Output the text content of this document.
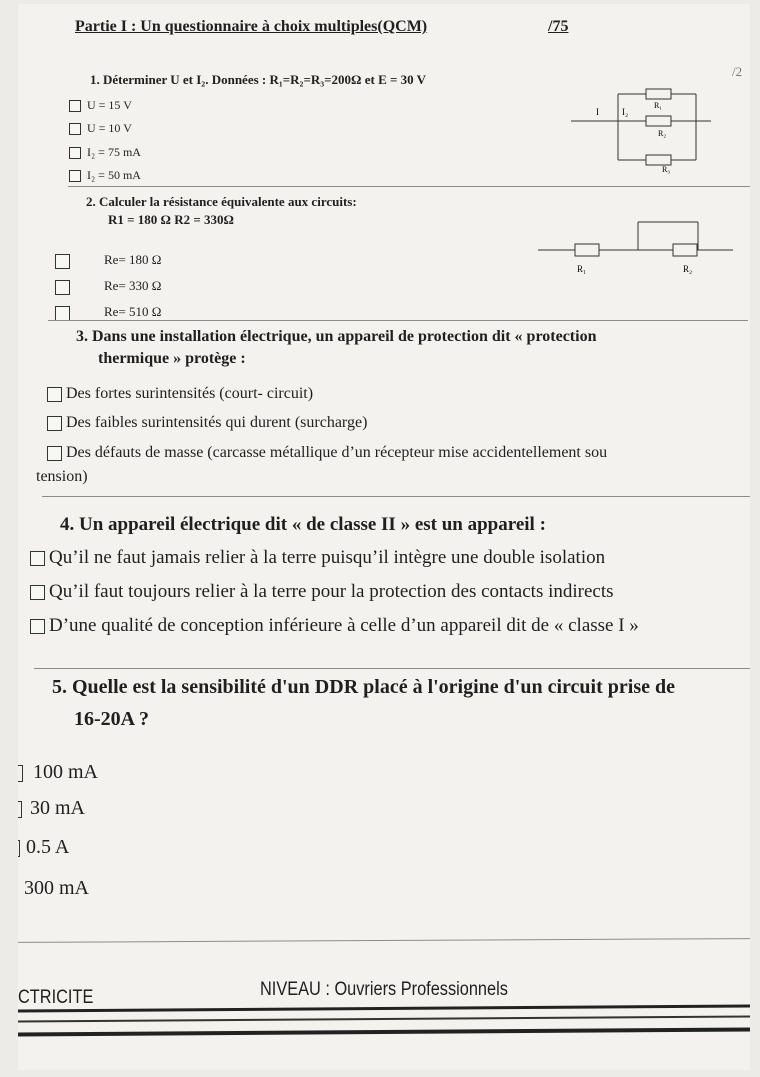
Partie I : Un questionnaire à choix multiples(QCM)	/75
/2
1. Déterminer U et I₂. Données : R₁=R₂=R₃=200Ω et E = 30 V
U = 15 V
U = 10 V
I₂ = 75 mA
I₂ = 50 mA
I	I₂
R₁
R₂
R₃
2. Calculer la résistance équivalente aux circuits:
R1 = 180 Ω R2 = 330Ω
Re= 180 Ω
Re= 330 Ω
Re= 510 Ω
R₁	R₂
3. Dans une installation électrique, un appareil de protection dit « protection
thermique » protège :
Des fortes surintensités (court- circuit)
Des faibles surintensités qui durent (surcharge)
Des défauts de masse (carcasse métallique d’un récepteur mise accidentellement sou
tension)
4. Un appareil électrique dit « de classe II » est un appareil :
Qu’il ne faut jamais relier à la terre puisqu’il intègre une double isolation
Qu’il faut toujours relier à la terre pour la protection des contacts indirects
D’une qualité de conception inférieure à celle d’un appareil dit de « classe I »
5. Quelle est la sensibilité d'un DDR placé à l'origine d'un circuit prise de
16-20A ?
100 mA
30 mA
0.5 A
300 mA
CTRICITE	NIVEAU : Ouvriers Professionnels
